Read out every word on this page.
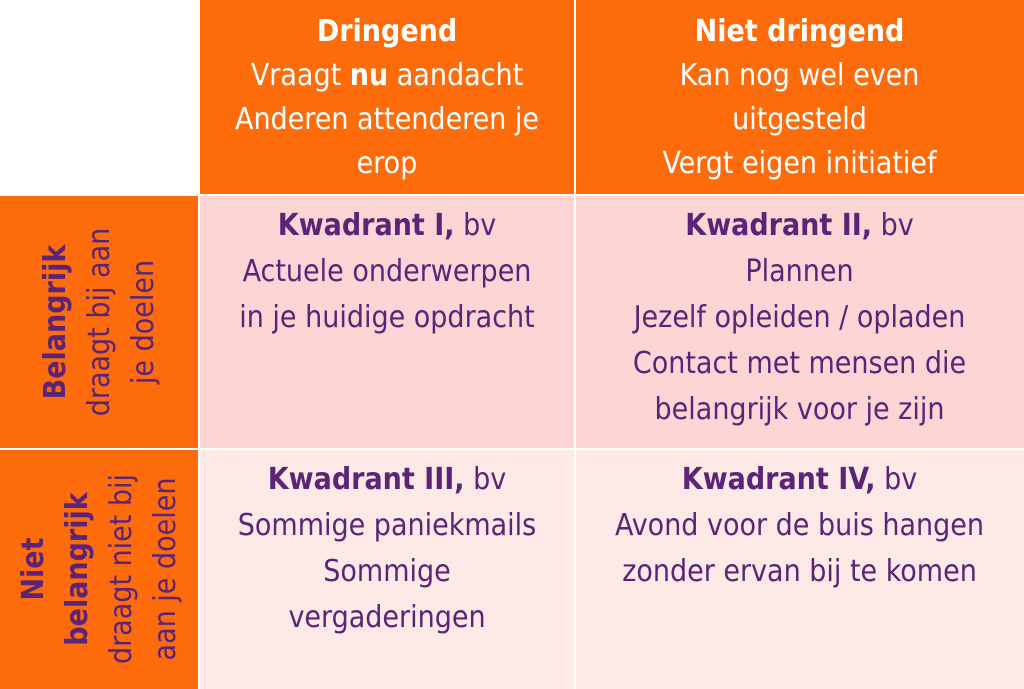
Dringend
Vraagt nu aandacht
Anderen attenderen je
erop
Niet dringend
Kan nog wel even
uitgesteld
Vergt eigen initiatief
Belangrijk draagt bij aan je doelen
Kwadrant I, bv
Actuele onderwerpen
in je huidige opdracht
Kwadrant II, bv
Plannen
Jezelf opleiden / opladen
Contact met mensen die
belangrijk voor je zijn
Niet belangrijk draagt niet bij aan je doelen	Kwadrant III, bv
Sommige paniekmails
Sommige
vergaderingen
Kwadrant IV, bv
Avond voor de buis hangen
zonder ervan bij te komen
